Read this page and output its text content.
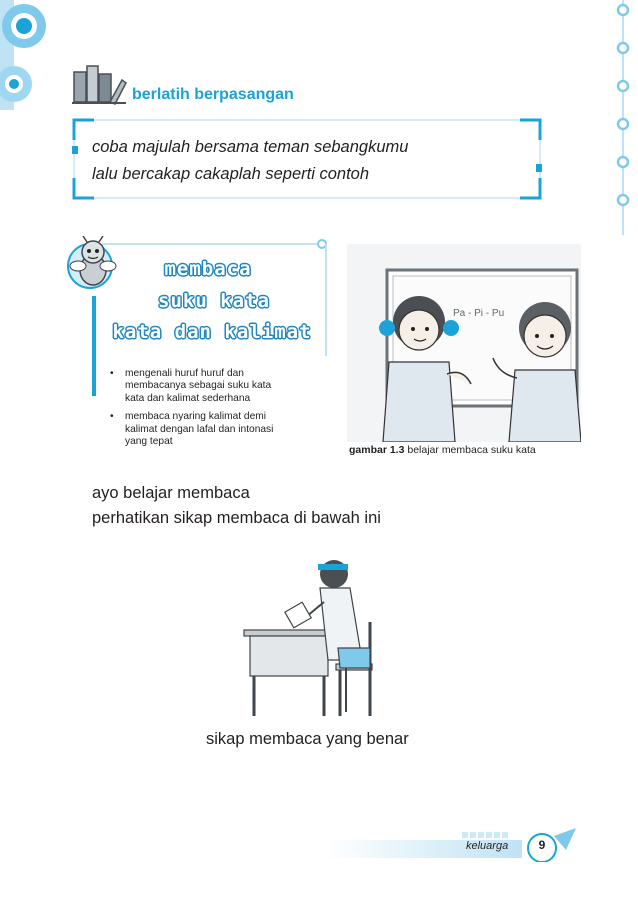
berlatih berpasangan
coba majulah bersama teman sebangkumu
lalu bercakap cakaplah seperti contoh
membaca
suku kata
kata dan kalimat
• mengenali huruf huruf dan
membacanya sebagai suku kata
kata dan kalimat sederhana
• membaca nyaring kalimat demi
kalimat dengan lafal dan intonasi
yang tepat
Pa - Pi - Pu
gambar 1.3 belajar membaca suku kata
ayo belajar membaca
perhatikan sikap membaca di bawah ini
sikap membaca yang benar
keluarga	9
